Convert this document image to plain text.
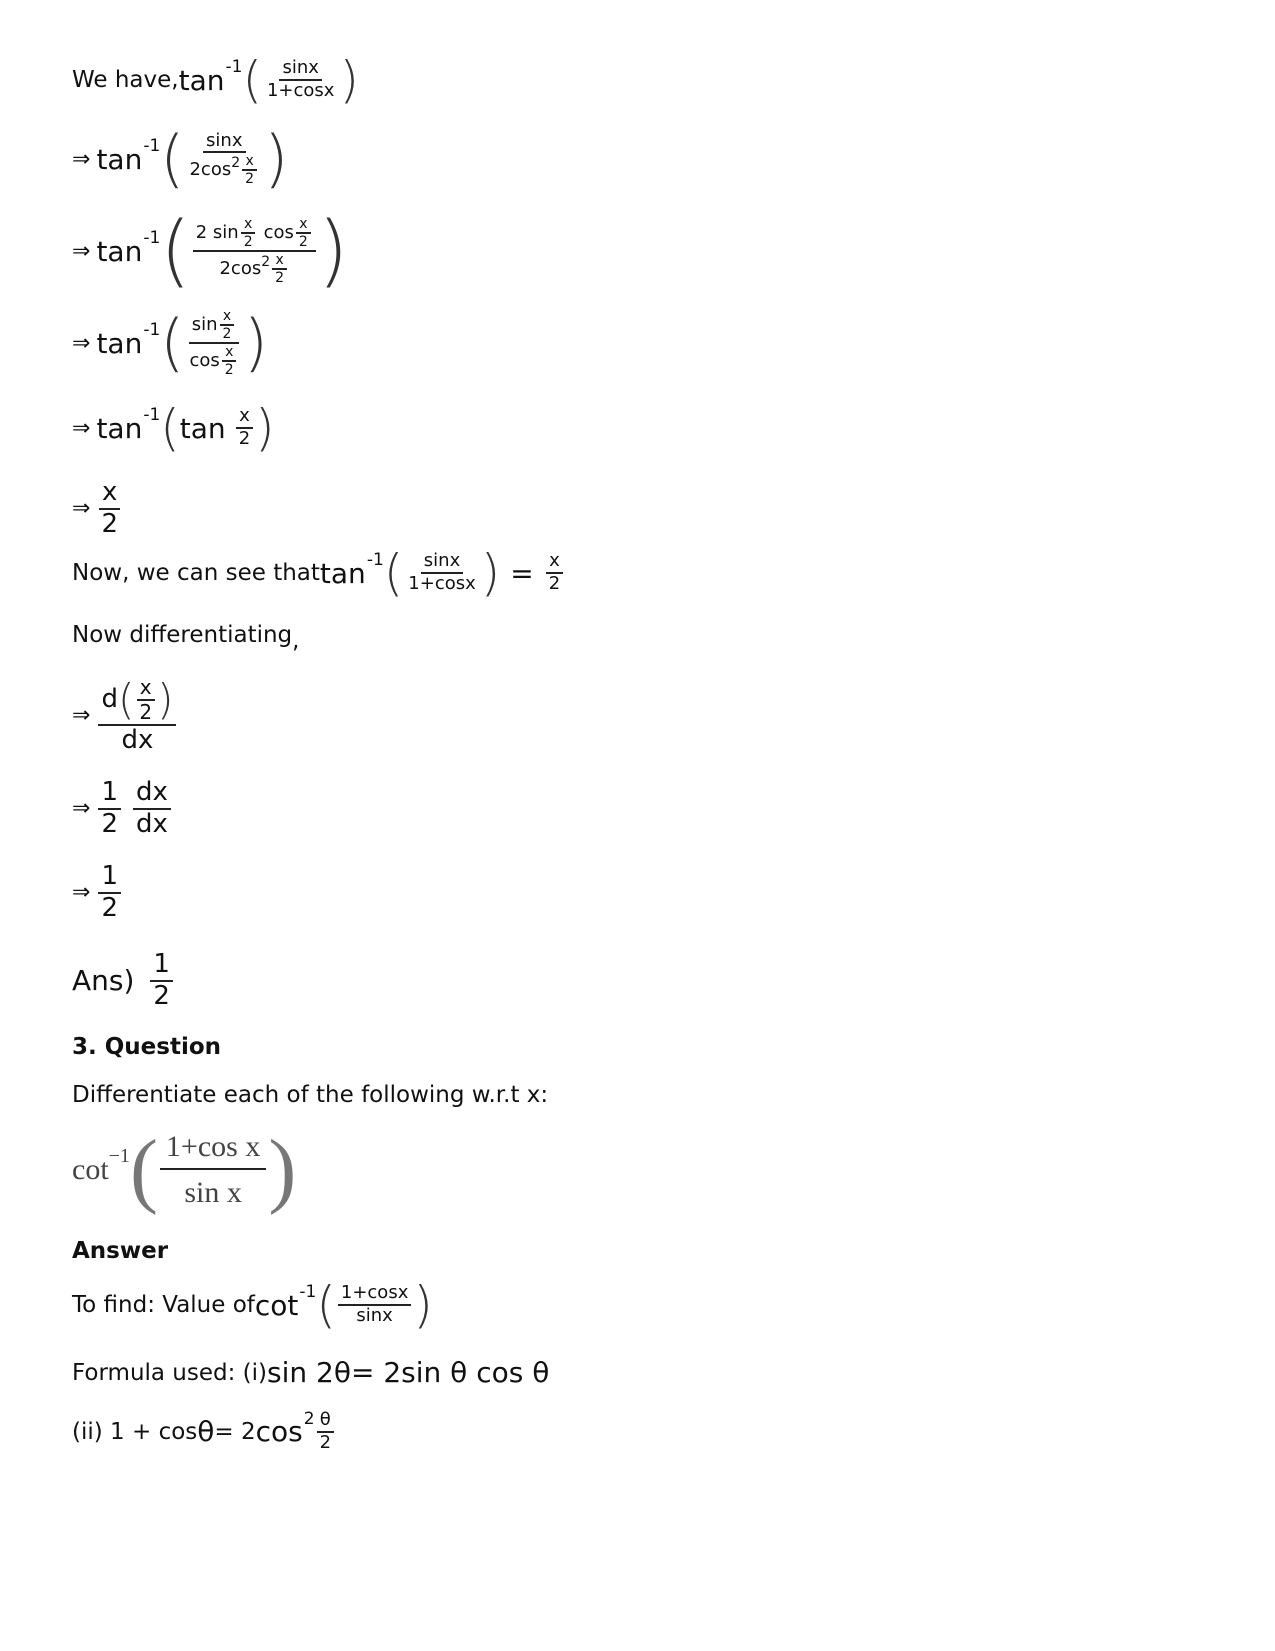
We have, tan -1 ( $\frac{\sin x}{1+\cos x}$ )
⇒ tan -1 ( $\frac{\sin x}{2\cos 2 \frac{x}{2}}$ )
⇒ tan -1 ( $\frac{2 \sin \frac{x}{2} \cos \frac{x}{2}}{2\cos 2 \frac{x}{2}}$ )
⇒ tan -1 ( $\frac{\sin \frac{x}{2}}{\cos \frac{x}{2}}$ )
⇒ tan -1 ( $\tan \frac{x}{2}$ )
⇒ $\frac{x}{2}$
Now, we can see that tan -1 ( $\frac{\sin x}{1+\cos x}$ ) = $\frac{x}{2}$
Now differentiating ,
⇒ $\frac{d ( \frac{x}{2} )}{dx}$
⇒ $\frac{1}{2} \frac{dx}{dx}$
⇒ $\frac{1}{2}$
$Ans) \frac{1}{2}$
3. Question
Differentiate each of the following w.r.t x:
cot −1 ( $\frac{\text{1+cos x}}{\text{sin x}}$ )
Answer
To find: Value of cot -1 ( $\frac{1+\cos x}{\sin x}$ )
Formula used: (i) sin 2θ= 2sin θ cos θ
(ii) 1 + cos θ = 2 $\cos 2 \frac{\theta}{2}$
